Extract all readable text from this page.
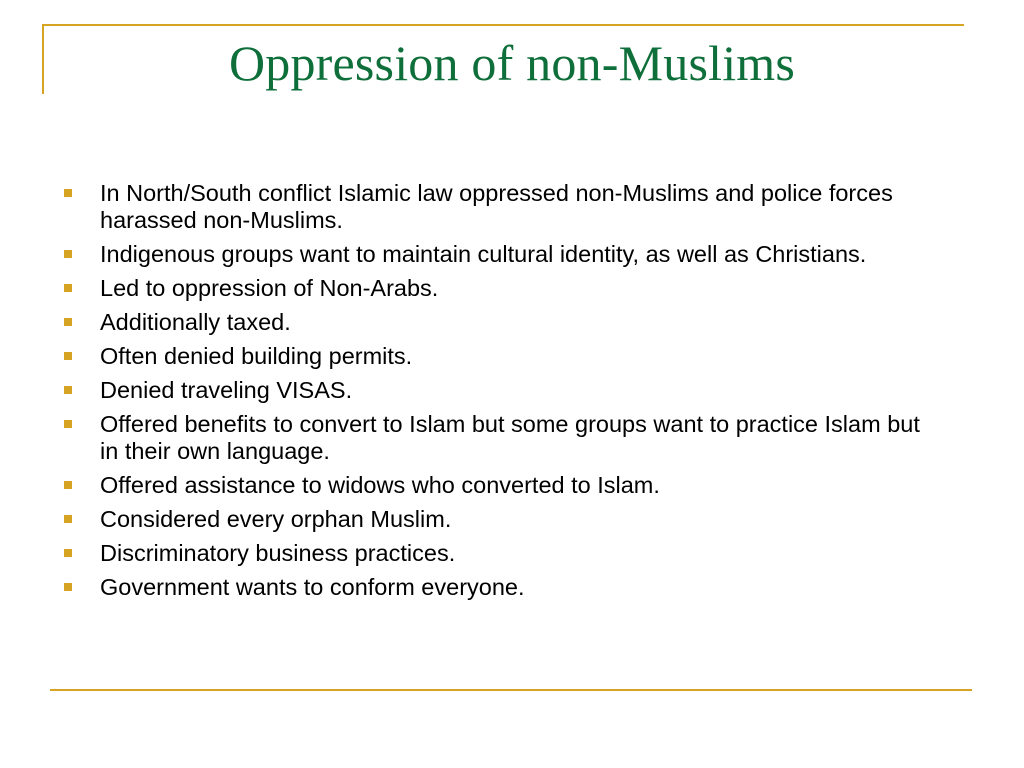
Oppression of non-Muslims
In North/South conflict Islamic law oppressed non-Muslims and police forces harassed non-Muslims.
Indigenous groups want to maintain cultural identity, as well as Christians.
Led to oppression of Non-Arabs.
Additionally taxed.
Often denied building permits.
Denied traveling VISAS.
Offered benefits to convert to Islam but some groups want to practice Islam but in their own language.
Offered assistance to widows who converted to Islam.
Considered every orphan Muslim.
Discriminatory business practices.
Government wants to conform everyone.
